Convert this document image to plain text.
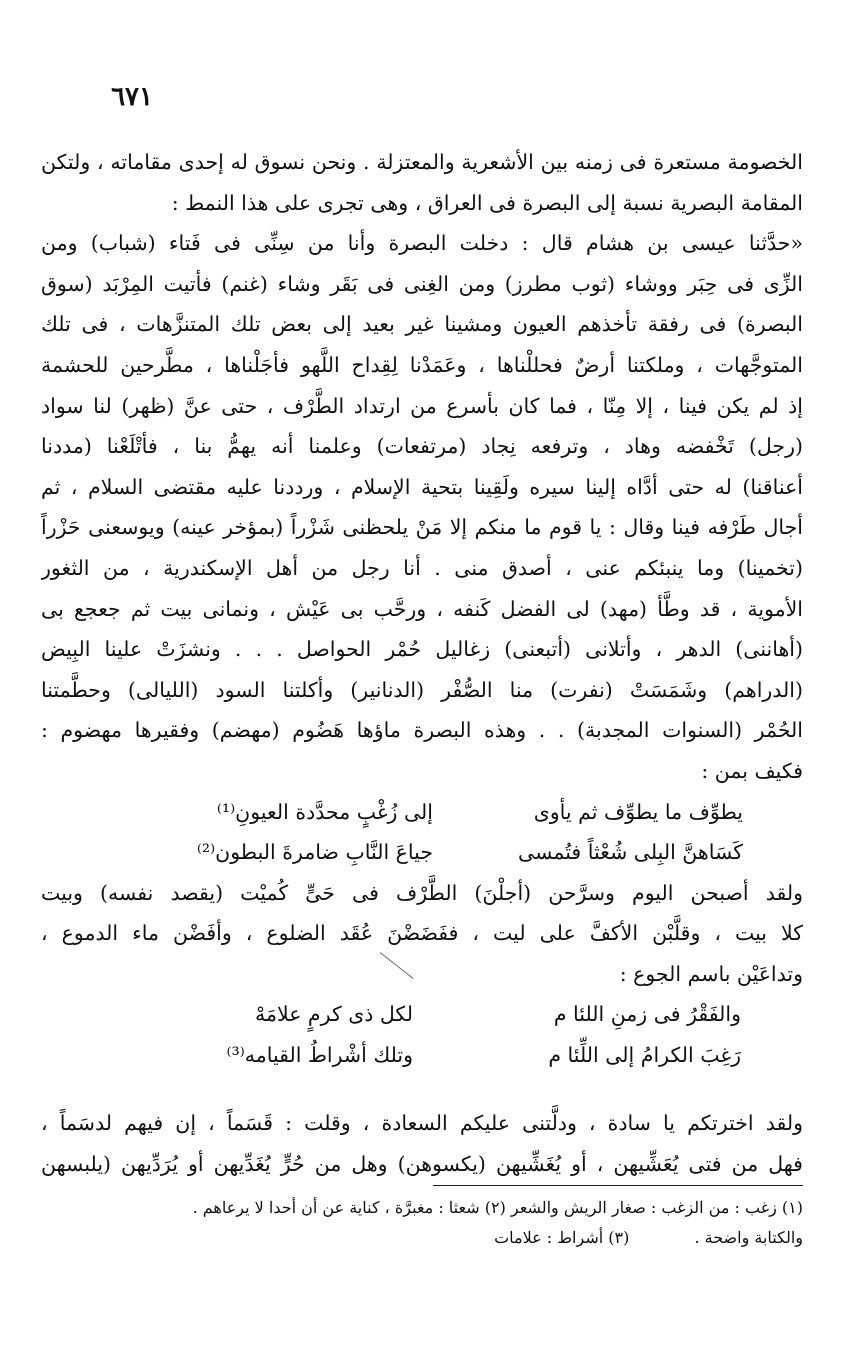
٦٧١
الخصومة مستعرة فى زمنه بين الأشعرية والمعتزلة . ونحن نسوق له إحدى مقاماته ، ولتكن
المقامة البصرية نسبة إلى البصرة فى العراق ، وهى تجرى على هذا النمط :
«حدَّثنا عيسى بن هشام قال : دخلت البصرة وأنا من سِنِّى فى فَتاء (شباب) ومن
الزِّى فى حِبَر ووشاء (ثوب مطرز) ومن الغِنى فى بَقَر وشاء (غنم) فأتيت المِرْبَد (سوق
البصرة) فى رفقة تأخذهم العيون ومشينا غير بعيد إلى بعض تلك المتنزَّهات ، فى تلك
المتوجَّهات ، وملكتنا أرضٌ فحللْناها ، وعَمَدْنا لِقِداح اللَّهو فأجَلْناها ، مطَّرحين للحشمة
إذ لم يكن فينا ، إلا مِنّا ، فما كان بأسرع من ارتداد الطَّرْف ، حتى عنَّ (ظهر) لنا سواد
(رجل) تَخْفضه وهاد ، وترفعه نِجاد (مرتفعات) وعلمنا أنه يهمُّ بنا ، فأتْلَعْنا (مددنا
أعناقنا) له حتى أدَّاه إلينا سيره ولَقِينا بتحية الإسلام ، ورددنا عليه مقتضى السلام ، ثم
أجال طَرْفه فينا وقال : يا قوم ما منكم إلا مَنْ يلحظنى شَزْراً (بمؤخر عينه) ويوسعنى حَزْراً
(تخمينا) وما ينبئكم عنى ، أصدق منى . أنا رجل من أهل الإسكندرية ، من الثغور
الأموية ، قد وطَّأ (مهد) لى الفضل كَنفه ، ورحَّب بى عَيْش ، ونمانى بيت ثم جعجع بى
(أهاننى) الدهر ، وأتلانى (أتبعنى) زغاليل حُمْر الحواصل . . . ونشزَتْ علينا البِيض
(الدراهم) وشَمَسَتْ (نفرت) منا الصُّفْر (الدنانير) وأكلتنا السود (الليالى) وحطَّمتنا
الحُمْر (السنوات المجدبة) . . وهذه البصرة ماؤها هَضُوم (مهضم) وفقيرها مهضوم :
فكيف بمن :
يطوِّف ما يطوِّف ثم يأوى
إلى زُغْبٍ محدَّدة العيونِ⁽¹⁾
كَسَاهنَّ البِلى شُعْثاً فتُمسى
جياعَ النَّابِ ضامرةَ البطون⁽²⁾
ولقد أصبحن اليوم وسرَّحن (أجلْنَ) الطَّرْف فى حَىٍّ كُميْت (يقصد نفسه) وبيت
كلا بيت ، وقلَّبْن الأكفَّ على ليت ، ففَضَضْنَ عُقَد الضلوع ، وأفَضْن ماء الدموع ،
وتداعَيْن باسم الجوع :
والفَقْرُ فى زمنِ اللئا م
لكل ذى كرمٍ علامَهْ
رَغِبَ الكرامُ إلى اللِّئا م
وتلك أشْراطُ القيامه⁽³⁾
ولقد اخترتكم يا سادة ، ودلَّتنى عليكم السعادة ، وقلت : قَسَماً ، إن فيهم لدسَماً ،
فهل من فتى يُعَشِّيهن ، أو يُغَشِّيهن (يكسوهن) وهل من حُرٍّ يُغَدِّيهن أو يُرَدِّيهن (يلبسهن
(١) زغب : من الزغب : صغار الريش والشعر (٢) شعثا : مغبرَّة ، كناية عن أن أحدا لا يرعاهم .
والكتابة واضحة . (٣) أشراط : علامات
